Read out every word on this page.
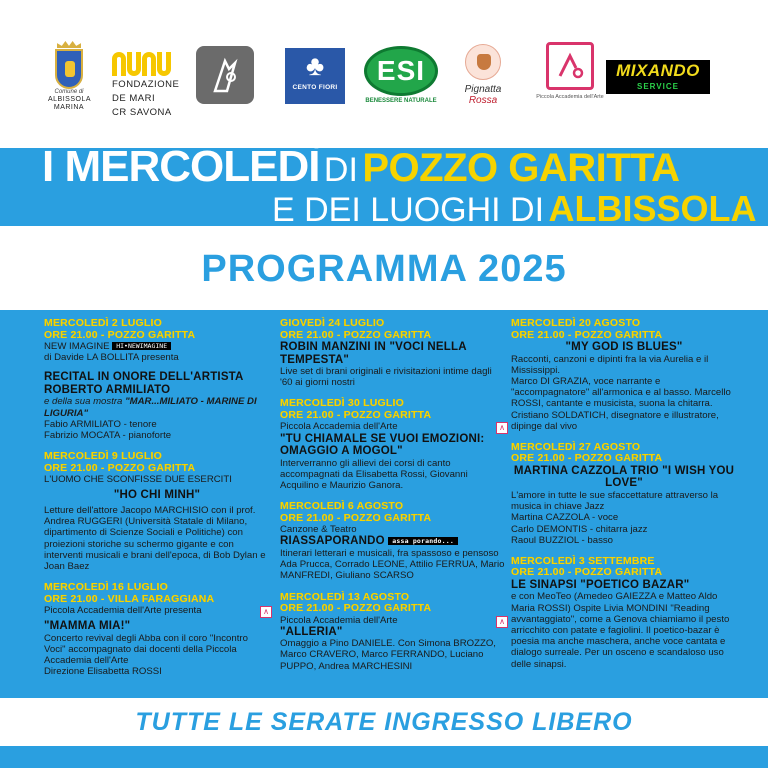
Comune di
ALBISSOLA
MARINA
FONDAZIONE
DE MARI
CR SAVONA
♣
CENTO FIORI
ESI
BENESSERE NATURALE
Pignatta
Rossa	Piccola Accademia dell'Arte
MIXANDO
SERVICE
I MERCOLEDÌ DI POZZO GARITTA
E DEI LUOGHI DI ALBISSOLA
PROGRAMMA 2025
MERCOLEDÌ 2 LUGLIO
ORE 21.00 - POZZO GARITTA
NEW IMAGINE HI•NEWIMAGINE
di Davide LA BOLLITA presenta
RECITAL IN ONORE DELL'ARTISTA ROBERTO ARMILIATO
e della sua mostra "MAR...MILIATO - MARINE DI LIGURIA"
Fabio ARMILIATO - tenore
Fabrizio MOCATA - pianoforte
MERCOLEDÌ 9 LUGLIO
ORE 21.00 - POZZO GARITTA
L'UOMO CHE SCONFISSE DUE ESERCITI
"HO CHI MINH"
Letture dell'attore Jacopo MARCHISIO con il prof. Andrea RUGGERI (Università Statale di Milano, dipartimento di Scienze Sociali e Politiche) con proiezioni storiche su schermo gigante e con interventi musicali e brani dell'epoca, di Bob Dylan e Joan Baez
∧
MERCOLEDÌ 16 LUGLIO
ORE 21.00 - VILLA FARAGGIANA
Piccola Accademia dell'Arte presenta
"MAMMA MIA!"
Concerto revival degli Abba con il coro "Incontro Voci" accompagnato dai docenti della Piccola Accademia dell'Arte
Direzione Elisabetta ROSSI
GIOVEDÌ 24 LUGLIO
ORE 21.00 - POZZO GARITTA
ROBIN MANZINI IN "VOCI NELLA TEMPESTA"
Live set di brani originali e rivisitazioni intime dagli '60 ai giorni nostri
∧
MERCOLEDÌ 30 LUGLIO
ORE 21.00 - POZZO GARITTA
Piccola Accademia dell'Arte
"TU CHIAMALE SE VUOI EMOZIONI: OMAGGIO A MOGOL"
Interverranno gli allievi dei corsi di canto accompagnati da Elisabetta Rossi, Giovanni Acquilino e Maurizio Ganora.
MERCOLEDÌ 6 AGOSTO
ORE 21.00 - POZZO GARITTA
Canzone & Teatro
RIASSAPORANDO assa porando...
Itinerari letterari e musicali, fra spassoso e pensoso
Ada Prucca, Corrado LEONE, Attilio FERRUA, Mario MANFREDI, Giuliano SCARSO
∧
MERCOLEDÌ 13 AGOSTO
ORE 21.00 - POZZO GARITTA
Piccola Accademia dell'Arte
"ALLERIA"
Omaggio a Pino DANIELE. Con Simona BROZZO, Marco CRAVERO, Marco FERRANDO, Luciano PUPPO, Andrea MARCHESINI
MERCOLEDÌ 20 AGOSTO
ORE 21.00 - POZZO GARITTA
"MY GOD IS BLUES"
Racconti, canzoni e dipinti fra la via Aurelia e il Mississippi.
Marco DI GRAZIA, voce narrante e "accompagnatore" all'armonica e al basso. Marcello ROSSI, cantante e musicista, suona la chitarra. Cristiano SOLDATICH, disegnatore e illustratore, dipinge dal vivo
MERCOLEDÌ 27 AGOSTO
ORE 21.00 - POZZO GARITTA
MARTINA CAZZOLA TRIO "I WISH YOU LOVE"
L'amore in tutte le sue sfaccettature attraverso la musica in chiave Jazz
Martina CAZZOLA - voce
Carlo DEMONTIS - chitarra jazz
Raoul BUZZIOL - basso
MERCOLEDÌ 3 SETTEMBRE
ORE 21.00 - POZZO GARITTA
LE SINAPSI "POETICO BAZAR"
e con MeoTeo (Amedeo GAIEZZA e Matteo Aldo Maria ROSSI) Ospite Livia MONDINI "Reading avvantaggiato", come a Genova chiamiamo il pesto arricchito con patate e fagiolini. Il poetico-bazar è poesia ma anche maschera, anche voce cantata e dialogo surreale. Per un osceno e scandaloso uso delle sinapsi.
TUTTE LE SERATE INGRESSO LIBERO
